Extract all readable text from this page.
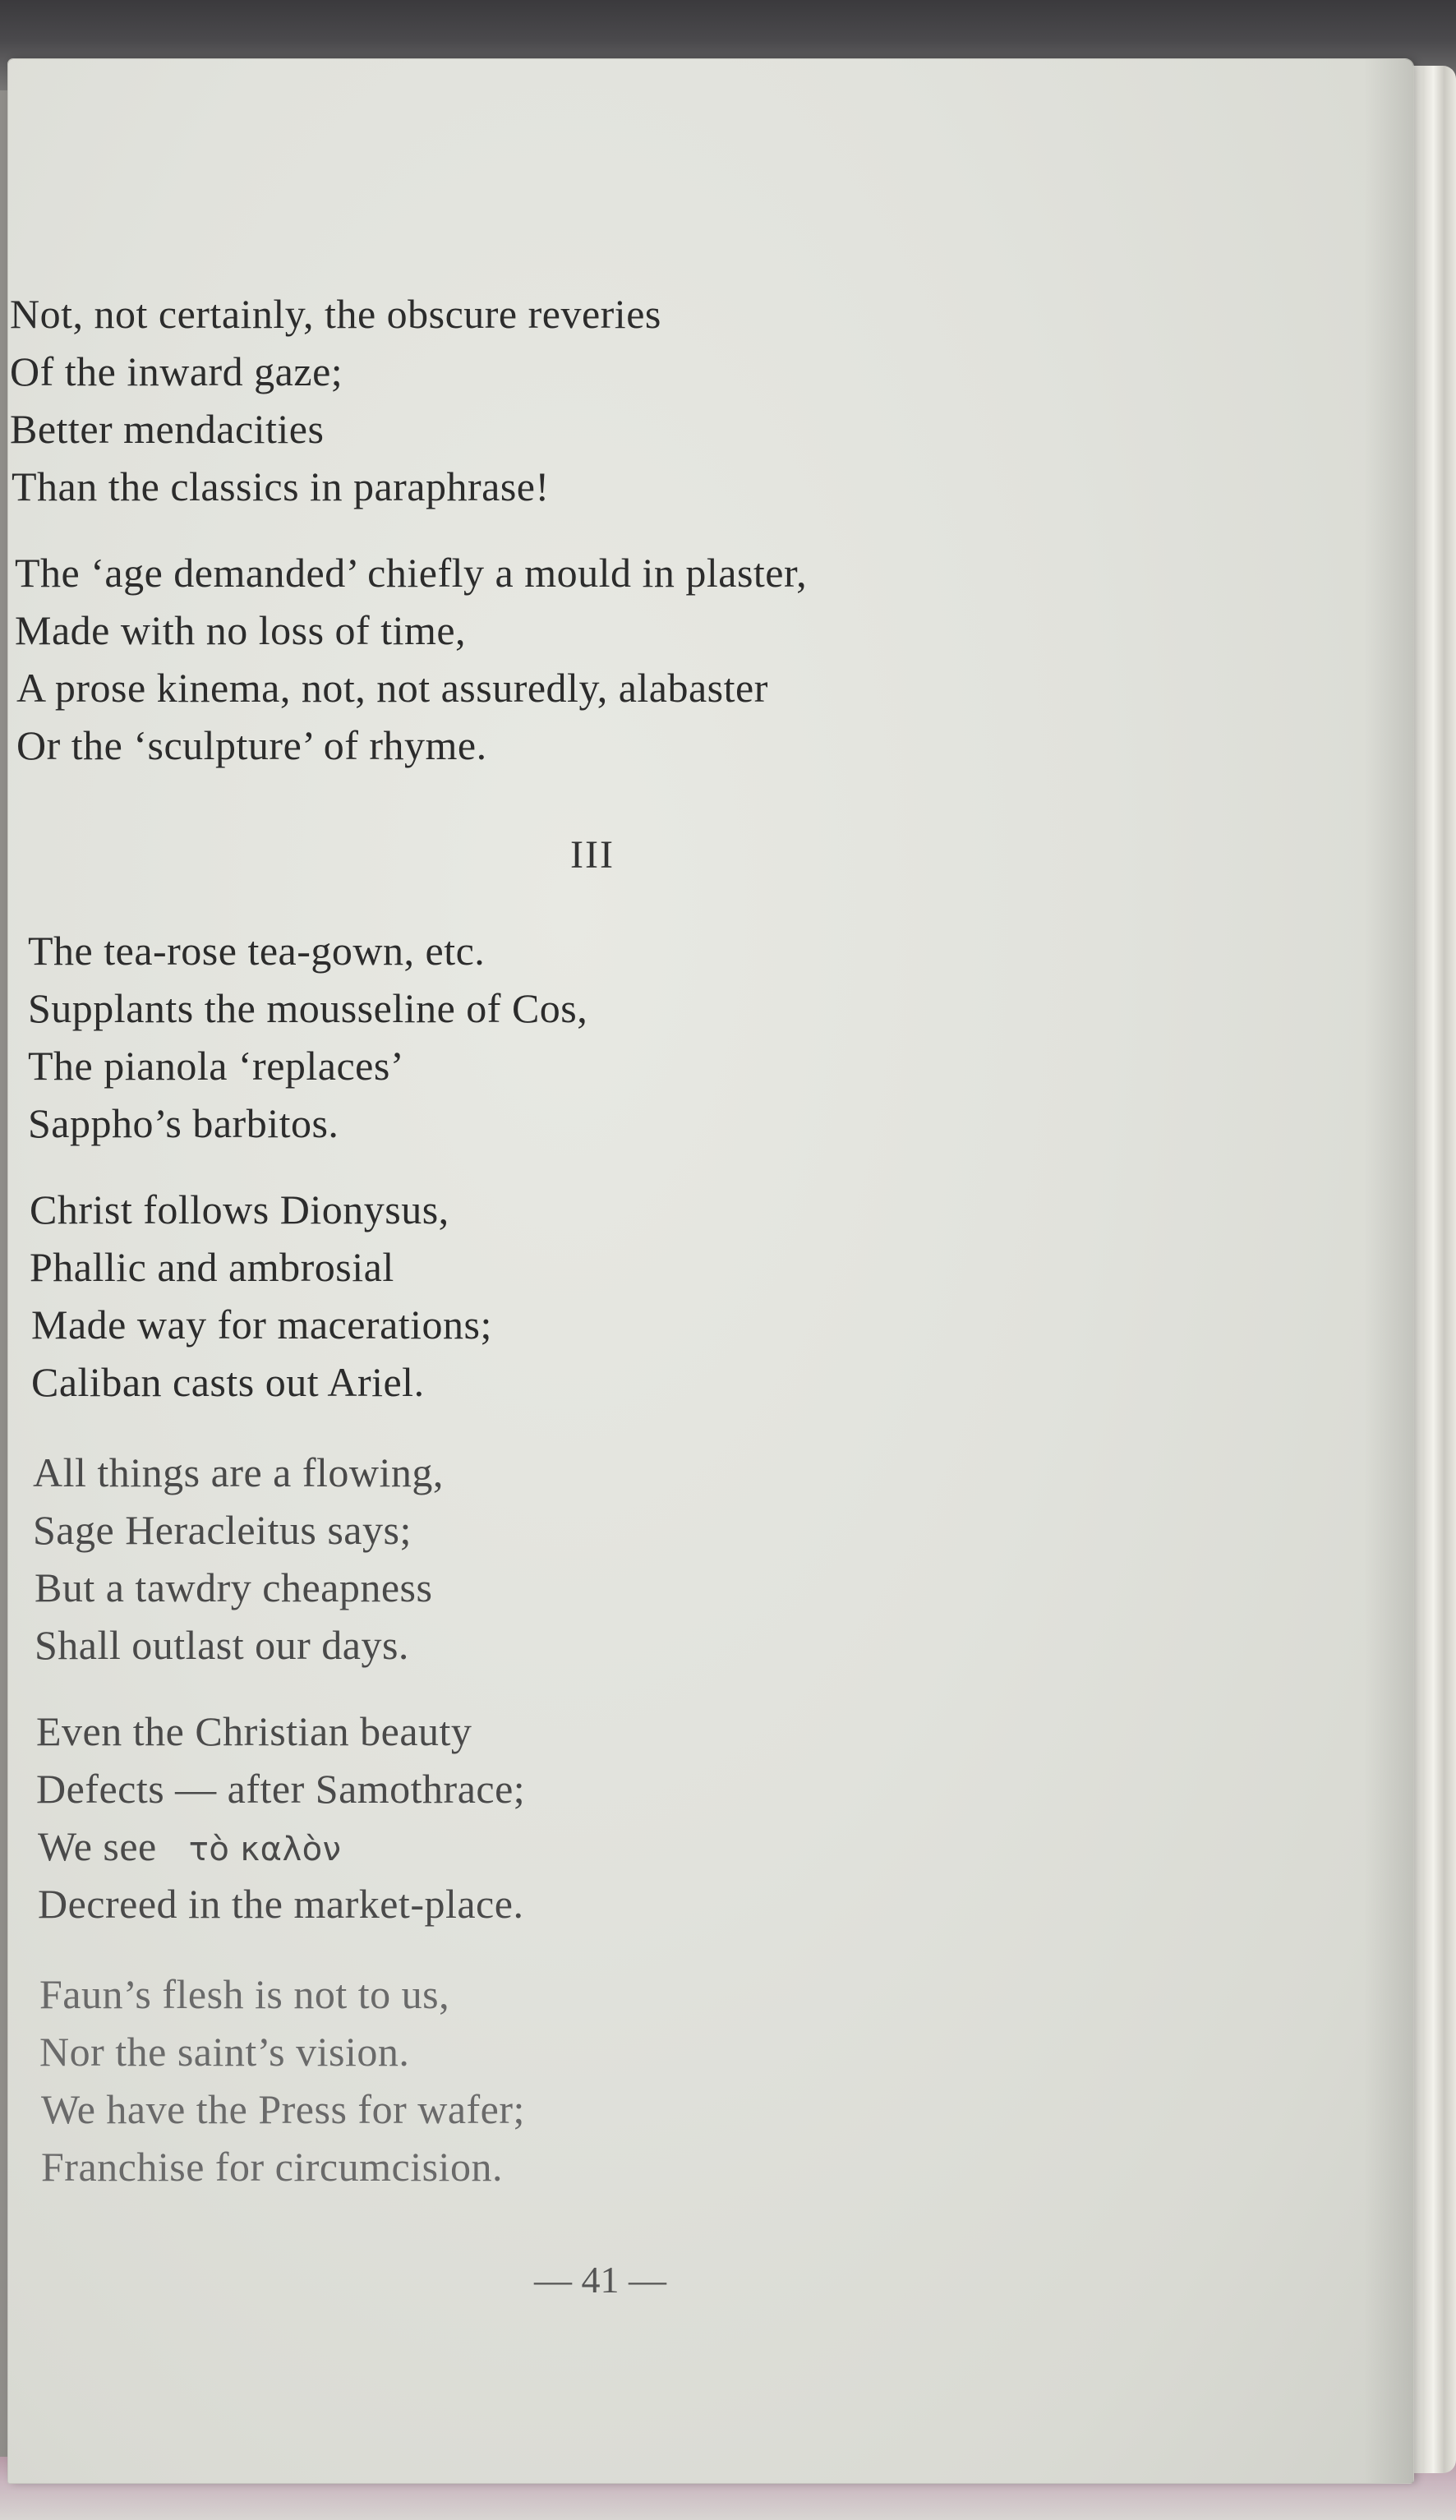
Not, not certainly, the obscure reveries

Of the inward gaze;

Better mendacities

Than the classics in paraphrase!

The ‘age demanded’ chiefly a mould in plaster,

Made with no loss of time,

A prose kinema, not, not assuredly, alabaster

Or the ‘sculpture’ of rhyme.

III

The tea-rose tea-gown, etc.

Supplants the mousseline of Cos,

The pianola ‘replaces’

Sappho’s barbitos.

Christ follows Dionysus,

Phallic and ambrosial

Made way for macerations;

Caliban casts out Ariel.

All things are a flowing,

Sage Heracleitus says;

But a tawdry cheapness

Shall outlast our days.

Even the Christian beauty

Defects — after Samothrace;

We see τὸ καλὸν

Decreed in the market-place.

Faun’s flesh is not to us,

Nor the saint’s vision.

We have the Press for wafer;

Franchise for circumcision.

— 41 —
